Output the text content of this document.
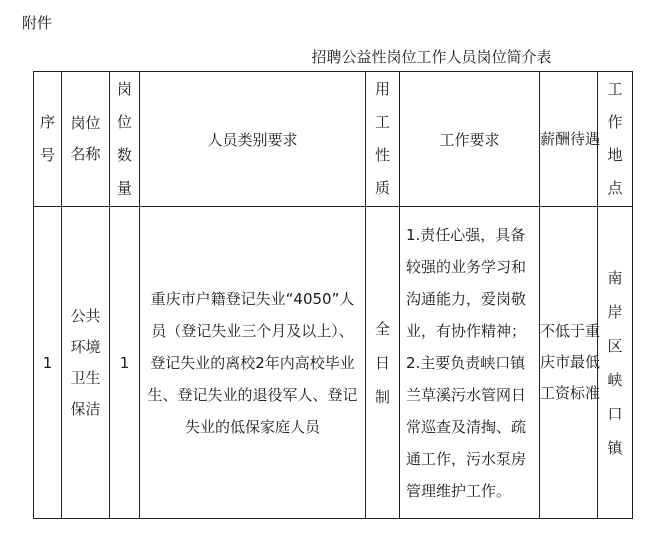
附件
招聘公益性岗位工作人员岗位简介表
序号	岗位名称	岗位数量	人员类别要求	用工性质	工作要求	薪酬待遇	工作地点
1	公共环境卫生保洁	1	重庆市户籍登记失业“4050”人员（登记失业三个月及以上）、登记失业的离校2年内高校毕业生、登记失业的退役军人、登记失业的低保家庭人员	全日制	1.责任心强，具备较强的业务学习和沟通能力，爱岗敬业，有协作精神；2.主要负责峡口镇兰草溪污水管网日常巡查及清掏、疏通工作，污水泵房管理维护工作。	不低于重庆市最低工资标准	南岸区峡口镇
